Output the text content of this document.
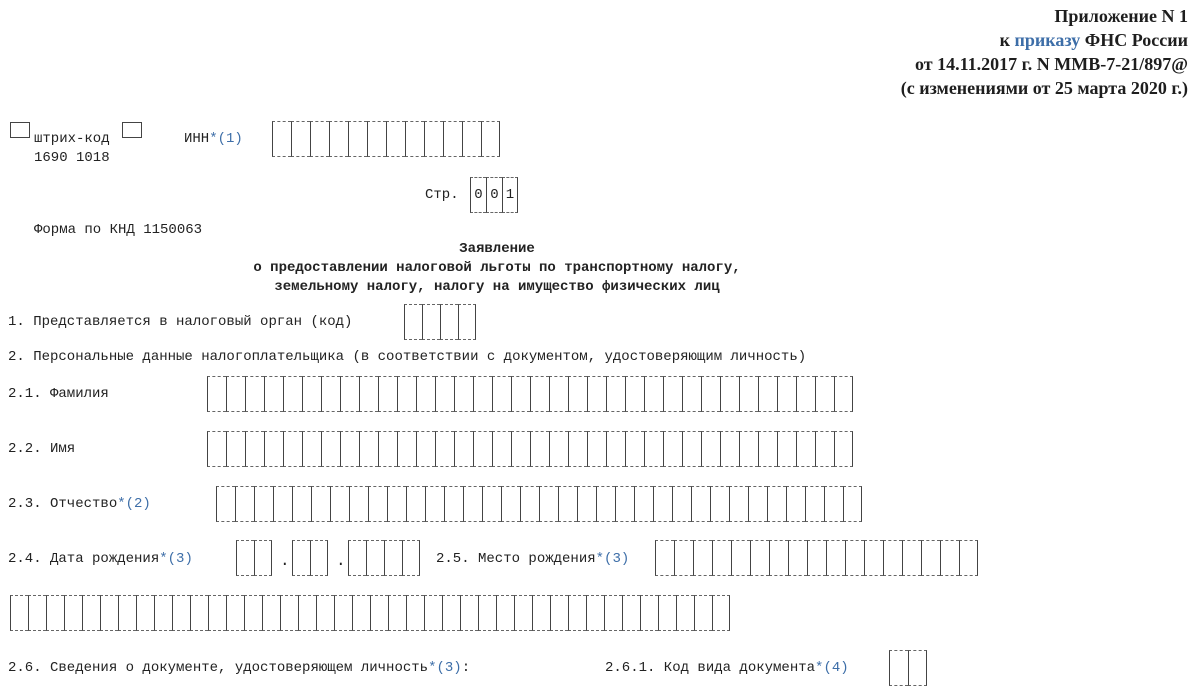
Приложение N 1
к приказу ФНС России
от 14.11.2017 г. N ММВ-7-21/897@
(с изменениями от 25 марта 2020 г.)
штрих-код
1690 1018
ИНН*(1)
Стр.	0 0 1
Форма по КНД 1150063
Заявление
о предоставлении налоговой льготы по транспортному налогу,
земельному налогу, налогу на имущество физических лиц
1. Представляется в налоговый орган (код)
2. Персональные данные налогоплательщика (в соответствии с документом, удостоверяющим личность)
2.1. Фамилия
2.2. Имя
2.3. Отчество*(2)
2.4. Дата рождения*(3)	.	.	2.5. Место рождения*(3)
2.6. Сведения о документе, удостоверяющем личность*(3):	2.6.1. Код вида документа*(4)
